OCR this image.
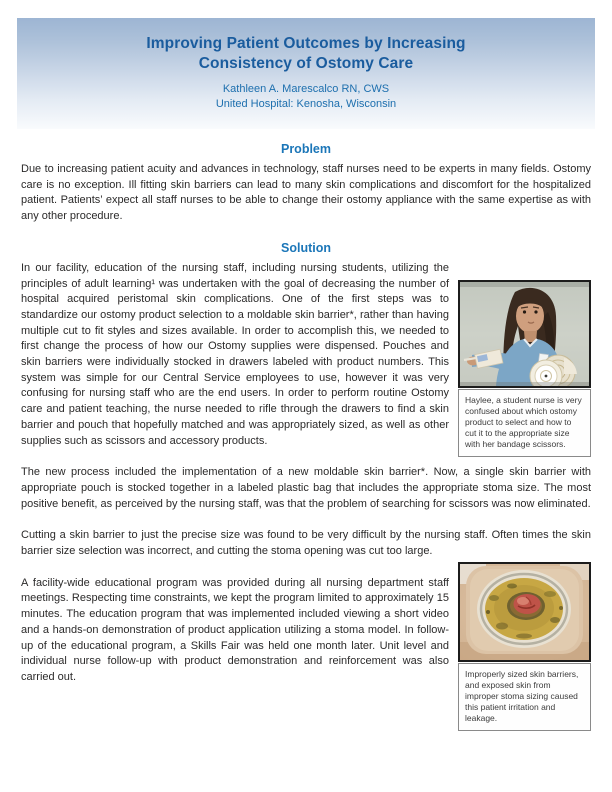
Improving Patient Outcomes by Increasing
Consistency of Ostomy Care
Kathleen A. Marescalco RN, CWS
United Hospital: Kenosha, Wisconsin
Problem

Due to increasing patient acuity and advances in technology, staff nurses need to be experts in many fields. Ostomy care is no exception. Ill fitting skin barriers can lead to many skin complications and discomfort for the hospitalized patient. Patients’ expect all staff nurses to be able to change their ostomy appliance with the same expertise as with any other procedure.

Solution
Haylee, a student nurse is very confused about which ostomy product to select and how to cut it to the appropriate size with her bandage scissors.

In our facility, education of the nursing staff, including nursing students, utilizing the principles of adult learning¹ was undertaken with the goal of decreasing the number of hospital acquired peristomal skin complications. One of the first steps was to standardize our ostomy product selection to a moldable skin barrier*, rather than having multiple cut to fit styles and sizes available. In order to accomplish this, we needed to first change the process of how our Ostomy supplies were dispensed. Pouches and skin barriers were individually stocked in drawers labeled with product numbers. This system was simple for our Central Service employees to use, however it was very confusing for nursing staff who are the end users. In order to perform routine Ostomy care and patient teaching, the nurse needed to rifle through the drawers to find a skin barrier and pouch that hopefully matched and was appropriately sized, as well as other supplies such as scissors and accessory products.

The new process included the implementation of a new moldable skin barrier*. Now, a single skin barrier with appropriate pouch is stocked together in a labeled plastic bag that includes the appropriate stoma size. The most positive benefit, as perceived by the nursing staff, was that the problem of searching for scissors was now eliminated.

Cutting a skin barrier to just the precise size was found to be very difficult by the nursing staff. Often times the skin barrier size selection was incorrect, and cutting the stoma opening was cut too large.

Improperly sized skin barriers, and exposed skin from improper stoma sizing caused this patient irritation and leakage.

A facility-wide educational program was provided during all nursing department staff meetings. Respecting time constraints, we kept the program limited to approximately 15 minutes. The education program that was implemented included viewing a short video and a hands-on demonstration of product application utilizing a stoma model. In follow-up of the educational program, a Skills Fair was held one month later. Unit level and individual nurse follow-up with product demonstration and reinforcement was also carried out.
